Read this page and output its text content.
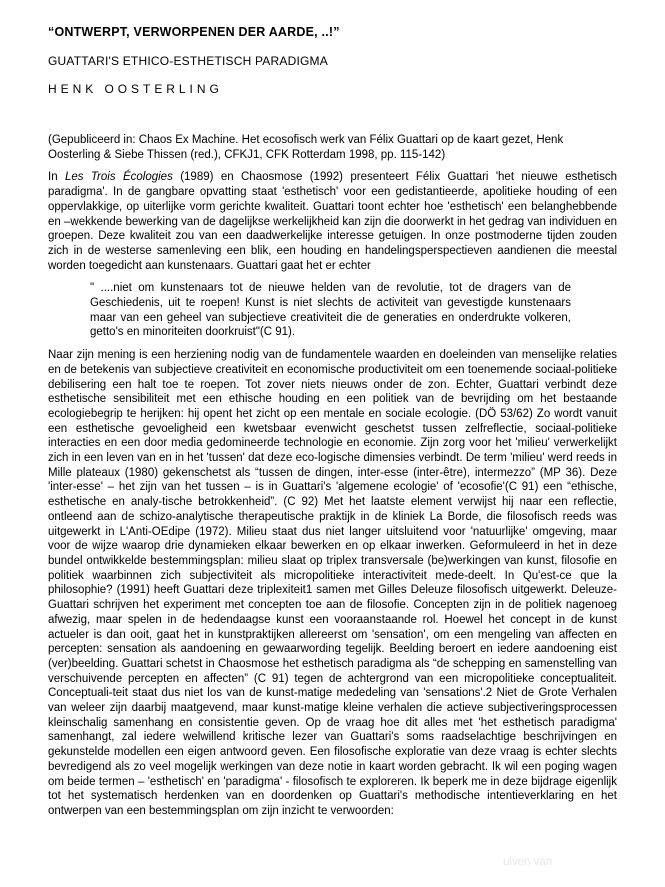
“ONTWERPT, VERWORPENEN DER AARDE, ..!”
GUATTARI'S ETHICO-ESTHETISCH PARADIGMA
HENK OOSTERLING
(Gepubliceerd in: Chaos Ex Machine. Het ecosofisch werk van Félix Guattari op de kaart gezet, Henk Oosterling & Siebe Thissen (red.), CFKJ1, CFK Rotterdam 1998, pp. 115-142)

In Les Trois Écologies (1989) en Chaosmose (1992) presenteert Félix Guattari 'het nieuwe esthetisch paradigma'. In de gangbare opvatting staat 'esthetisch' voor een gedistantieerde, apolitieke houding of een oppervlakkige, op uiterlijke vorm gerichte kwaliteit. Guattari toont echter hoe 'esthetisch' een belanghebbende en –wekkende bewerking van de dagelijkse werkelijkheid kan zijn die doorwerkt in het gedrag van individuen en groepen. Deze kwaliteit zou van een daadwerkelijke interesse getuigen. In onze postmoderne tijden zouden zich in de westerse samenleving een blik, een houding en handelingsperspectieven aandienen die meestal worden toegedicht aan kunstenaars. Guattari gaat het er echter

" ....niet om kunstenaars tot de nieuwe helden van de revolutie, tot de dragers van de Geschiedenis, uit te roepen! Kunst is niet slechts de activiteit van gevestigde kunstenaars maar van een geheel van subjectieve creativiteit die de generaties en onderdrukte volkeren, getto's en minoriteiten doorkruist"(C 91).

Naar zijn mening is een herziening nodig van de fundamentele waarden en doeleinden van menselijke relaties en de betekenis van subjectieve creativiteit en economische productiviteit om een toenemende sociaal-politieke debilisering een halt toe te roepen. Tot zover niets nieuws onder de zon. Echter, Guattari verbindt deze esthetische sensibiliteit met een ethische houding en een politiek van de bevrijding om het bestaande ecologiebegrip te herijken: hij opent het zicht op een mentale en sociale ecologie. (DÖ 53/62) Zo wordt vanuit een esthetische gevoeligheid een kwetsbaar evenwicht geschetst tussen zelfreflectie, sociaal-politieke interacties en een door media gedomineerde technologie en economie. Zijn zorg voor het 'milieu' verwerkelijkt zich in een leven van en in het 'tussen' dat deze eco-logische dimensies verbindt. De term 'milieu' werd reeds in Mille plateaux (1980) gekenschetst als “tussen de dingen, inter-esse (inter-être), intermezzo” (MP 36). Deze 'inter-esse' – het zijn van het tussen – is in Guattari's 'algemene ecologie' of 'ecosofie'(C 91) een “ethische, esthetische en analy-tische betrokkenheid”. (C 92) Met het laatste element verwijst hij naar een reflectie, ontleend aan de schizo-analytische therapeutische praktijk in de kliniek La Borde, die filosofisch reeds was uitgewerkt in L'Anti-OEdipe (1972). Milieu staat dus niet langer uitsluitend voor 'natuurlijke' omgeving, maar voor de wijze waarop drie dynamieken elkaar bewerken en op elkaar inwerken. Geformuleerd in het in deze bundel ontwikkelde bestemmingsplan: milieu slaat op triplex transversale (be)werkingen van kunst, filosofie en politiek waarbinnen zich subjectiviteit als micropolitieke interactiviteit mede-deelt. In Qu'est-ce que la philosophie? (1991) heeft Guattari deze triplexiteit1 samen met Gilles Deleuze filosofisch uitgewerkt. Deleuze-Guattari schrijven het experiment met concepten toe aan de filosofie. Concepten zijn in de politiek nagenoeg afwezig, maar spelen in de hedendaagse kunst een vooraanstaande rol. Hoewel het concept in de kunst actueler is dan ooit, gaat het in kunstpraktijken allereerst om 'sensation', om een mengeling van affecten en percepten: sensation als aandoening en gewaarwording tegelijk. Beelding beroert en iedere aandoening eist (ver)beelding. Guattari schetst in Chaosmose het esthetisch paradigma als “de schepping en samenstelling van verschuivende percepten en affecten” (C 91) tegen de achtergrond van een micropolitieke conceptualiteit. Conceptuali-teit staat dus niet los van de kunst-matige mededeling van 'sensations'.2 Niet de Grote Verhalen van weleer zijn daarbij maatgevend, maar kunst-matige kleine verhalen die actieve subjectiveringsprocessen kleinschalig samenhang en consistentie geven. Op de vraag hoe dit alles met 'het esthetisch paradigma' samenhangt, zal iedere welwillend kritische lezer van Guattari's soms raadselachtige beschrijvingen en gekunstelde modellen een eigen antwoord geven. Een filosofische exploratie van deze vraag is echter slechts bevredigend als zo veel mogelijk werkingen van deze notie in kaart worden gebracht. Ik wil een poging wagen om beide termen – 'esthetisch' en 'paradigma' - filosofisch te exploreren. Ik beperk me in deze bijdrage eigenlijk tot het systematisch herdenken van en doordenken op Guattari's methodische intentieverklaring en het ontwerpen van een bestemmingsplan om zijn inzicht te verwoorden:

uiven van
